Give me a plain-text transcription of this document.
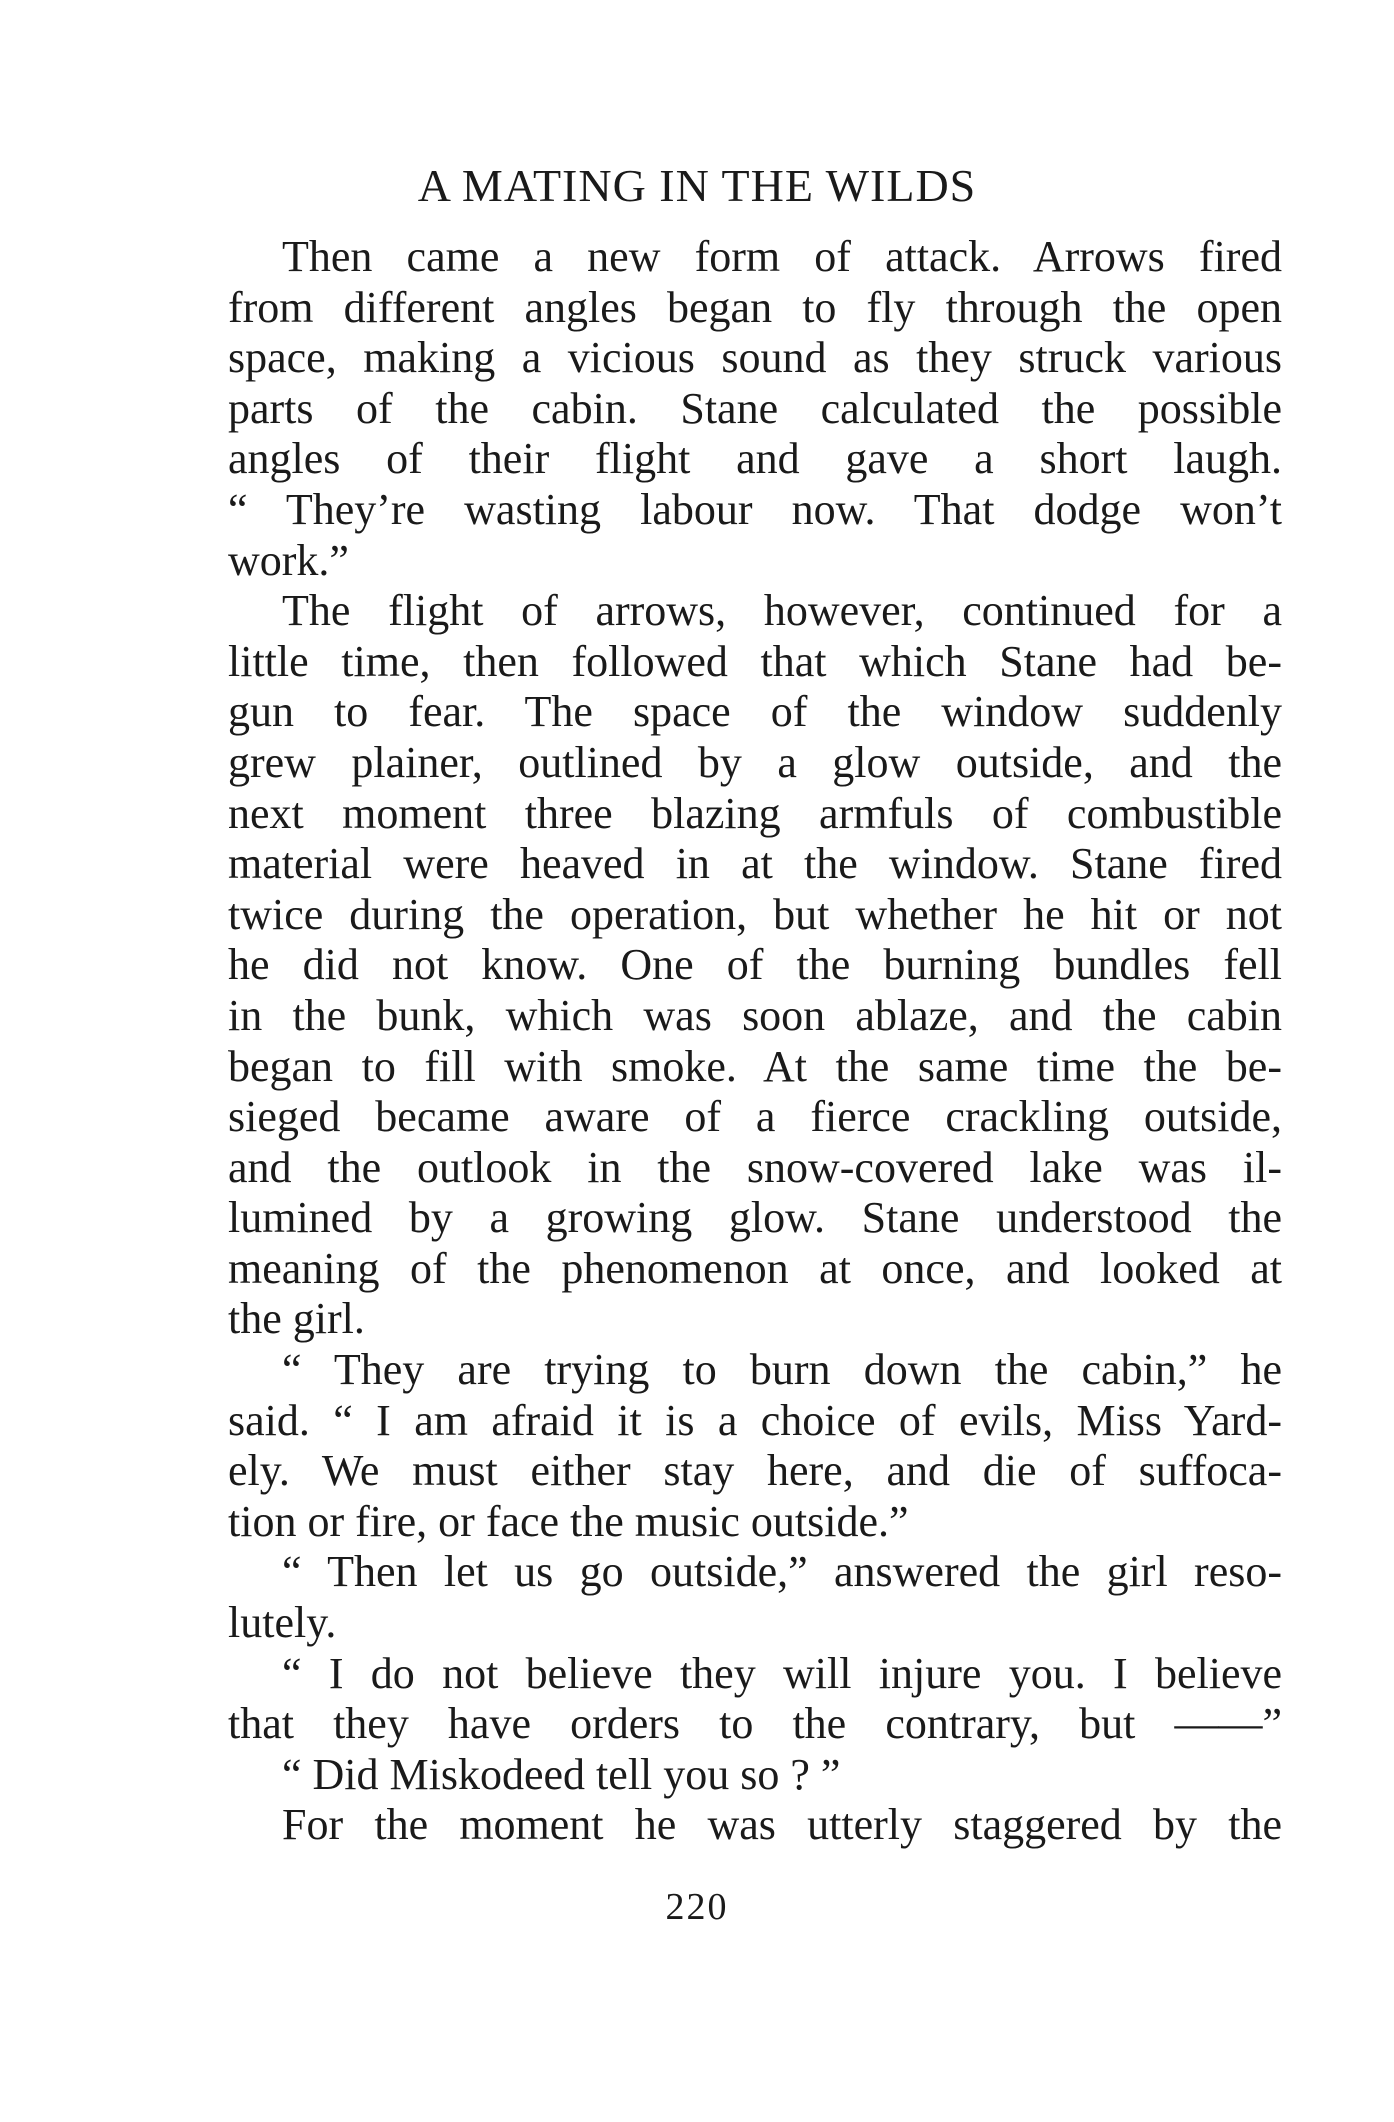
A MATING IN THE WILDS
Then came a new form of attack. Arrows fired
from different angles began to fly through the open
space, making a vicious sound as they struck various
parts of the cabin. Stane calculated the possible
angles of their flight and gave a short laugh.
“ They’re wasting labour now. That dodge won’t
work.”
The flight of arrows, however, continued for a
little time, then followed that which Stane had be-
gun to fear. The space of the window suddenly
grew plainer, outlined by a glow outside, and the
next moment three blazing armfuls of combustible
material were heaved in at the window. Stane fired
twice during the operation, but whether he hit or not
he did not know. One of the burning bundles fell
in the bunk, which was soon ablaze, and the cabin
began to fill with smoke. At the same time the be-
sieged became aware of a fierce crackling outside,
and the outlook in the snow-covered lake was il-
lumined by a growing glow. Stane understood the
meaning of the phenomenon at once, and looked at
the girl.
“ They are trying to burn down the cabin,” he
said. “ I am afraid it is a choice of evils, Miss Yard-
ely. We must either stay here, and die of suffoca-
tion or fire, or face the music outside.”
“ Then let us go outside,” answered the girl reso-
lutely.
“ I do not believe they will injure you. I believe
that they have orders to the contrary, but ——”
“ Did Miskodeed tell you so ? ”
For the moment he was utterly staggered by the
220
